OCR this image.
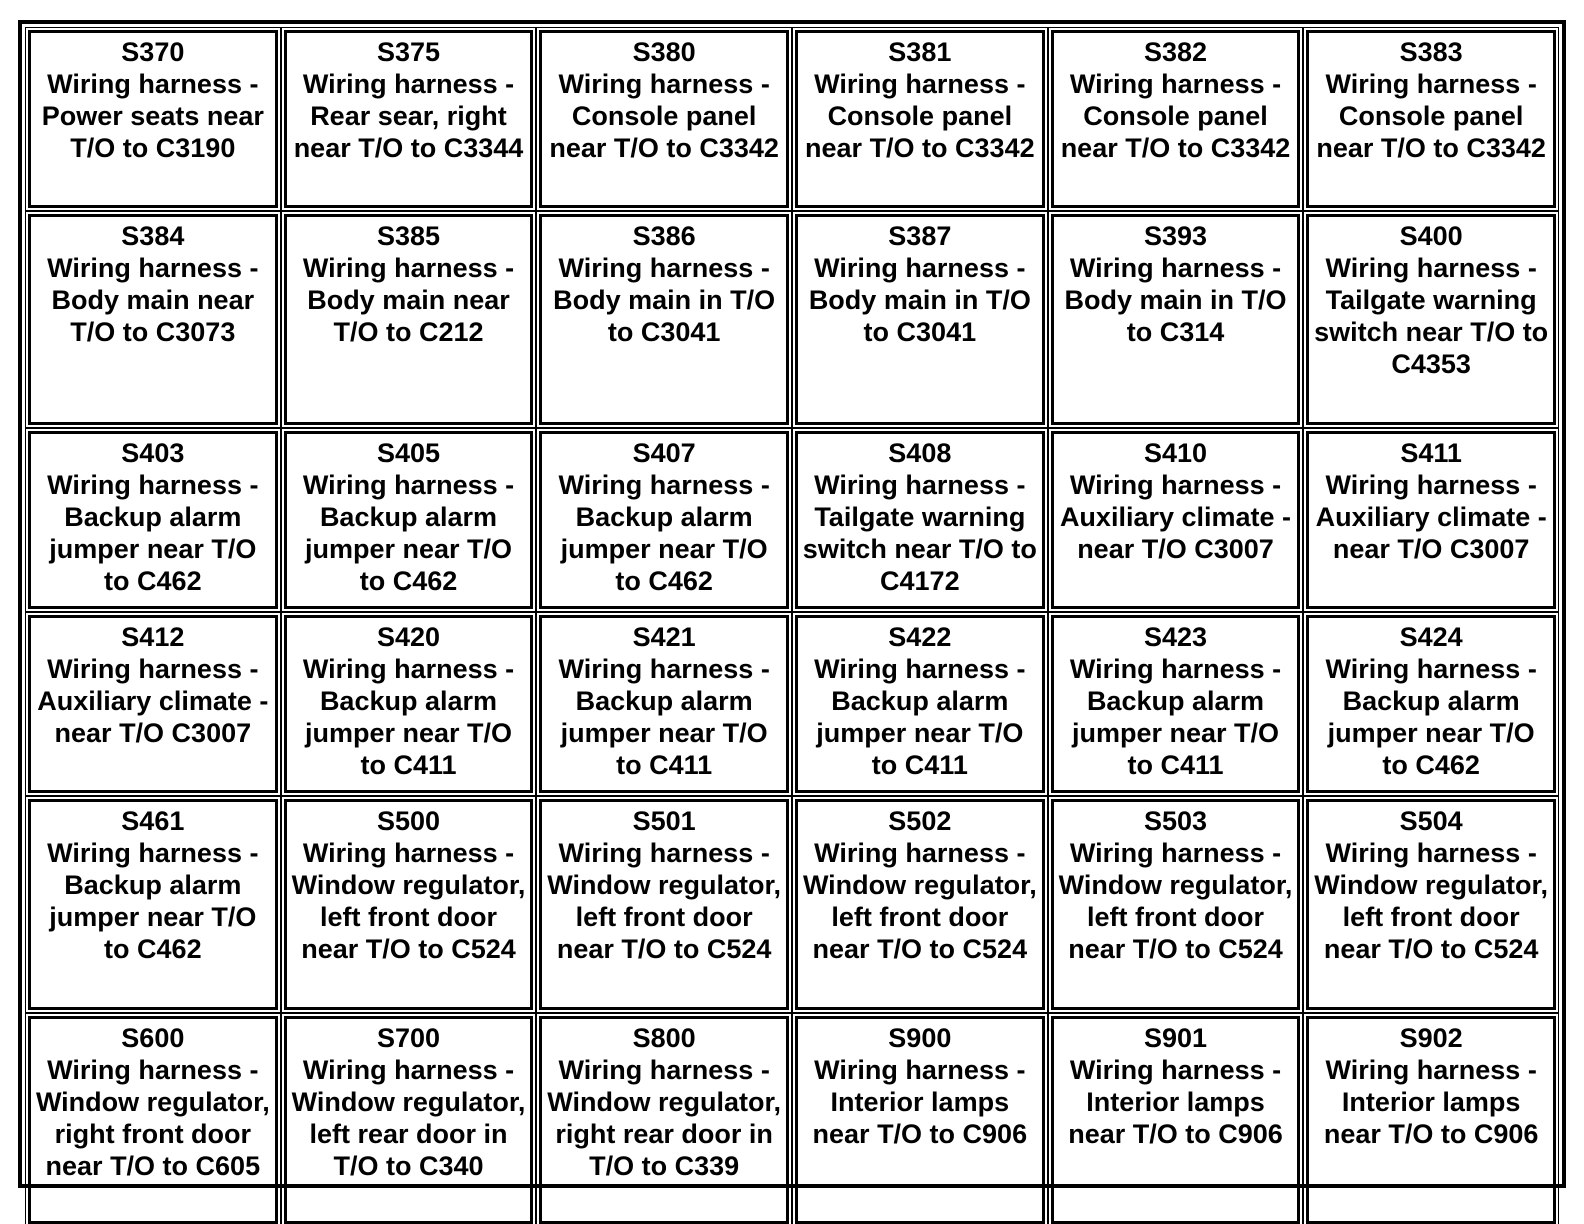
S370
Wiring harness - Power seats near T/O to C3190
S375
Wiring harness - Rear sear, right near T/O to C3344
S380
Wiring harness - Console panel near T/O to C3342
S381
Wiring harness - Console panel near T/O to C3342
S382
Wiring harness - Console panel near T/O to C3342
S383
Wiring harness - Console panel near T/O to C3342
S384
Wiring harness - Body main near T/O to C3073
S385
Wiring harness - Body main near T/O to C212
S386
Wiring harness - Body main in T/O to C3041
S387
Wiring harness - Body main in T/O to C3041
S393
Wiring harness - Body main in T/O to C314
S400
Wiring harness - Tailgate warning switch near T/O to C4353
S403
Wiring harness - Backup alarm jumper near T/O to C462
S405
Wiring harness - Backup alarm jumper near T/O to C462
S407
Wiring harness - Backup alarm jumper near T/O to C462
S408
Wiring harness - Tailgate warning switch near T/O to C4172
S410
Wiring harness - Auxiliary climate - near T/O C3007
S411
Wiring harness - Auxiliary climate - near T/O C3007
S412
Wiring harness - Auxiliary climate - near T/O C3007
S420
Wiring harness - Backup alarm jumper near T/O to C411
S421
Wiring harness - Backup alarm jumper near T/O to C411
S422
Wiring harness - Backup alarm jumper near T/O to C411
S423
Wiring harness - Backup alarm jumper near T/O to C411
S424
Wiring harness - Backup alarm jumper near T/O to C462
S461
Wiring harness - Backup alarm jumper near T/O to C462
S500
Wiring harness - Window regulator, left front door near T/O to C524
S501
Wiring harness - Window regulator, left front door near T/O to C524
S502
Wiring harness - Window regulator, left front door near T/O to C524
S503
Wiring harness - Window regulator, left front door near T/O to C524
S504
Wiring harness - Window regulator, left front door near T/O to C524
S600
Wiring harness - Window regulator, right front door near T/O to C605
S700
Wiring harness - Window regulator, left rear door in T/O to C340
S800
Wiring harness - Window regulator, right rear door in T/O to C339
S900
Wiring harness - Interior lamps near T/O to C906
S901
Wiring harness - Interior lamps near T/O to C906
S902
Wiring harness - Interior lamps near T/O to C906
